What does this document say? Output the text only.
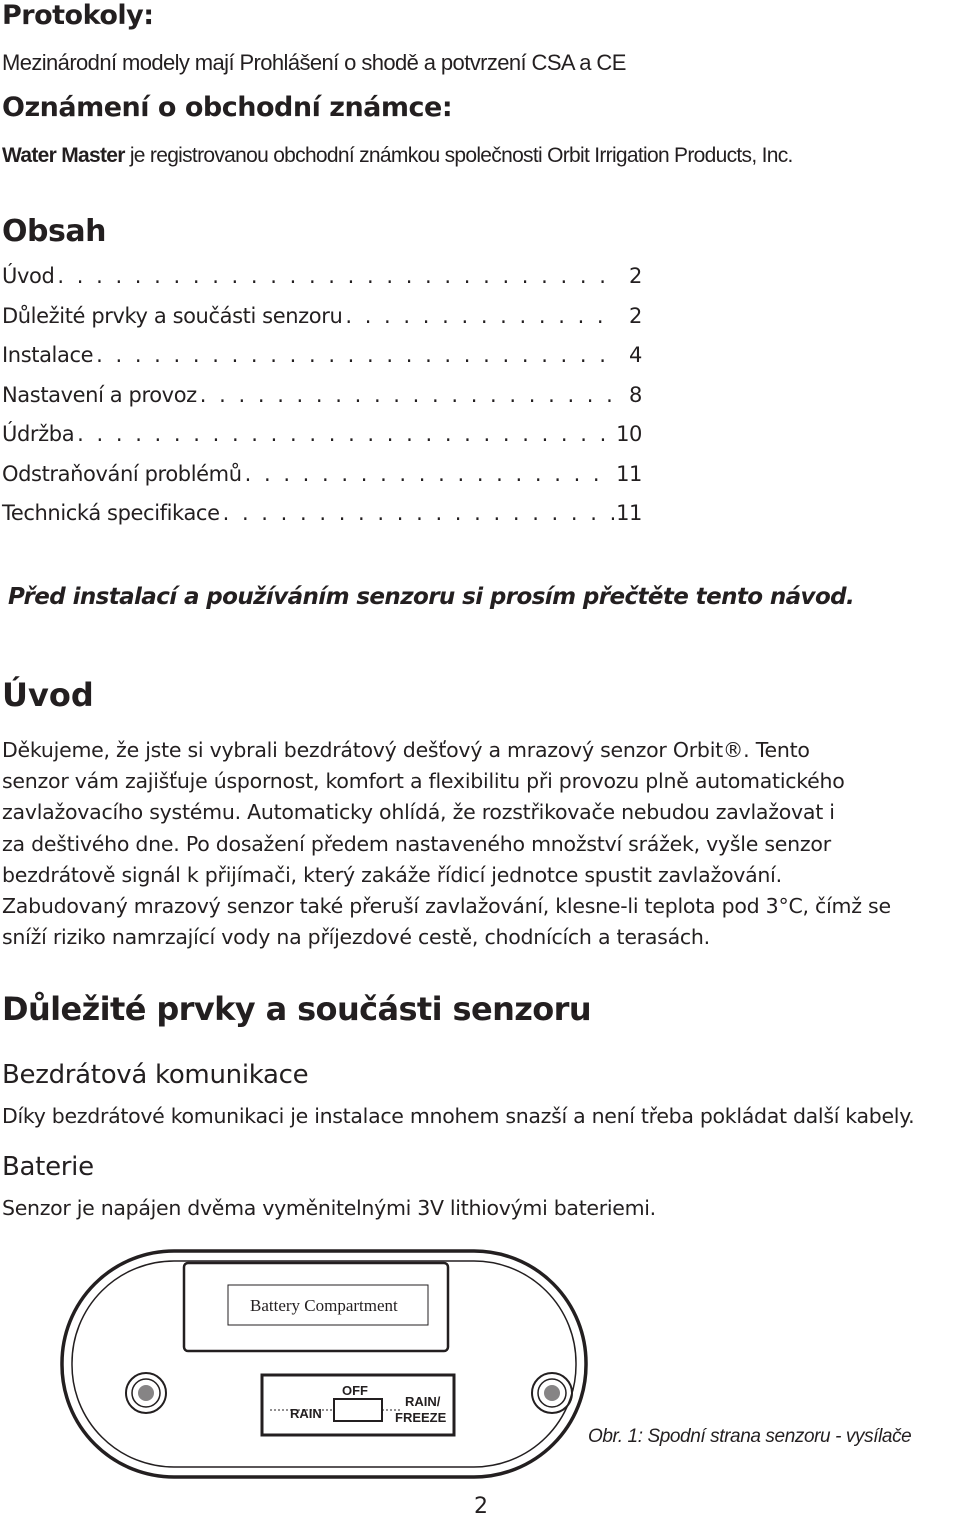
Protokoly:
Mezinárodní modely mají Prohlášení o shodě a potvrzení CSA a CE
Oznámení o obchodní známce:
Water Master je registrovanou obchodní známkou společnosti Orbit Irrigation Products, Inc.
Obsah
Úvod . . .	2
Důležité prvky a součásti senzoru . . .	2
Instalace . . .	4
Nastavení a provoz . . .	8
Údržba . . .	10
Odstraňování problémů . . .	11
Technická specifikace . . .	11
Před instalací a používáním senzoru si prosím přečtěte tento návod.
Úvod
Děkujeme, že jste si vybrali bezdrátový dešťový a mrazový senzor Orbit®. Tento
senzor vám zajišťuje úspornost, komfort a flexibilitu při provozu plně automatického
zavlažovacího systému. Automaticky ohlídá, že rozstřikovače nebudou zavlažovat i
za deštivého dne. Po dosažení předem nastaveného množství srážek, vyšle senzor
bezdrátově signál k přijímači, který zakáže řídicí jednotce spustit zavlažování.
Zabudovaný mrazový senzor také přeruší zavlažování, klesne-li teplota pod 3°C, čímž se
sníží riziko namrzající vody na příjezdové cestě, chodnících a terasách.
Důležité prvky a součásti senzoru
Bezdrátová komunikace
Díky bezdrátové komunikaci je instalace mnohem snazší a není třeba pokládat další kabely.
Baterie
Senzor je napájen dvěma vyměnitelnými 3V lithiovými bateriemi.
Battery Compartment
OFF
RAIN
RAIN/
FREEZE
Obr. 1: Spodní strana senzoru - vysílače
2
